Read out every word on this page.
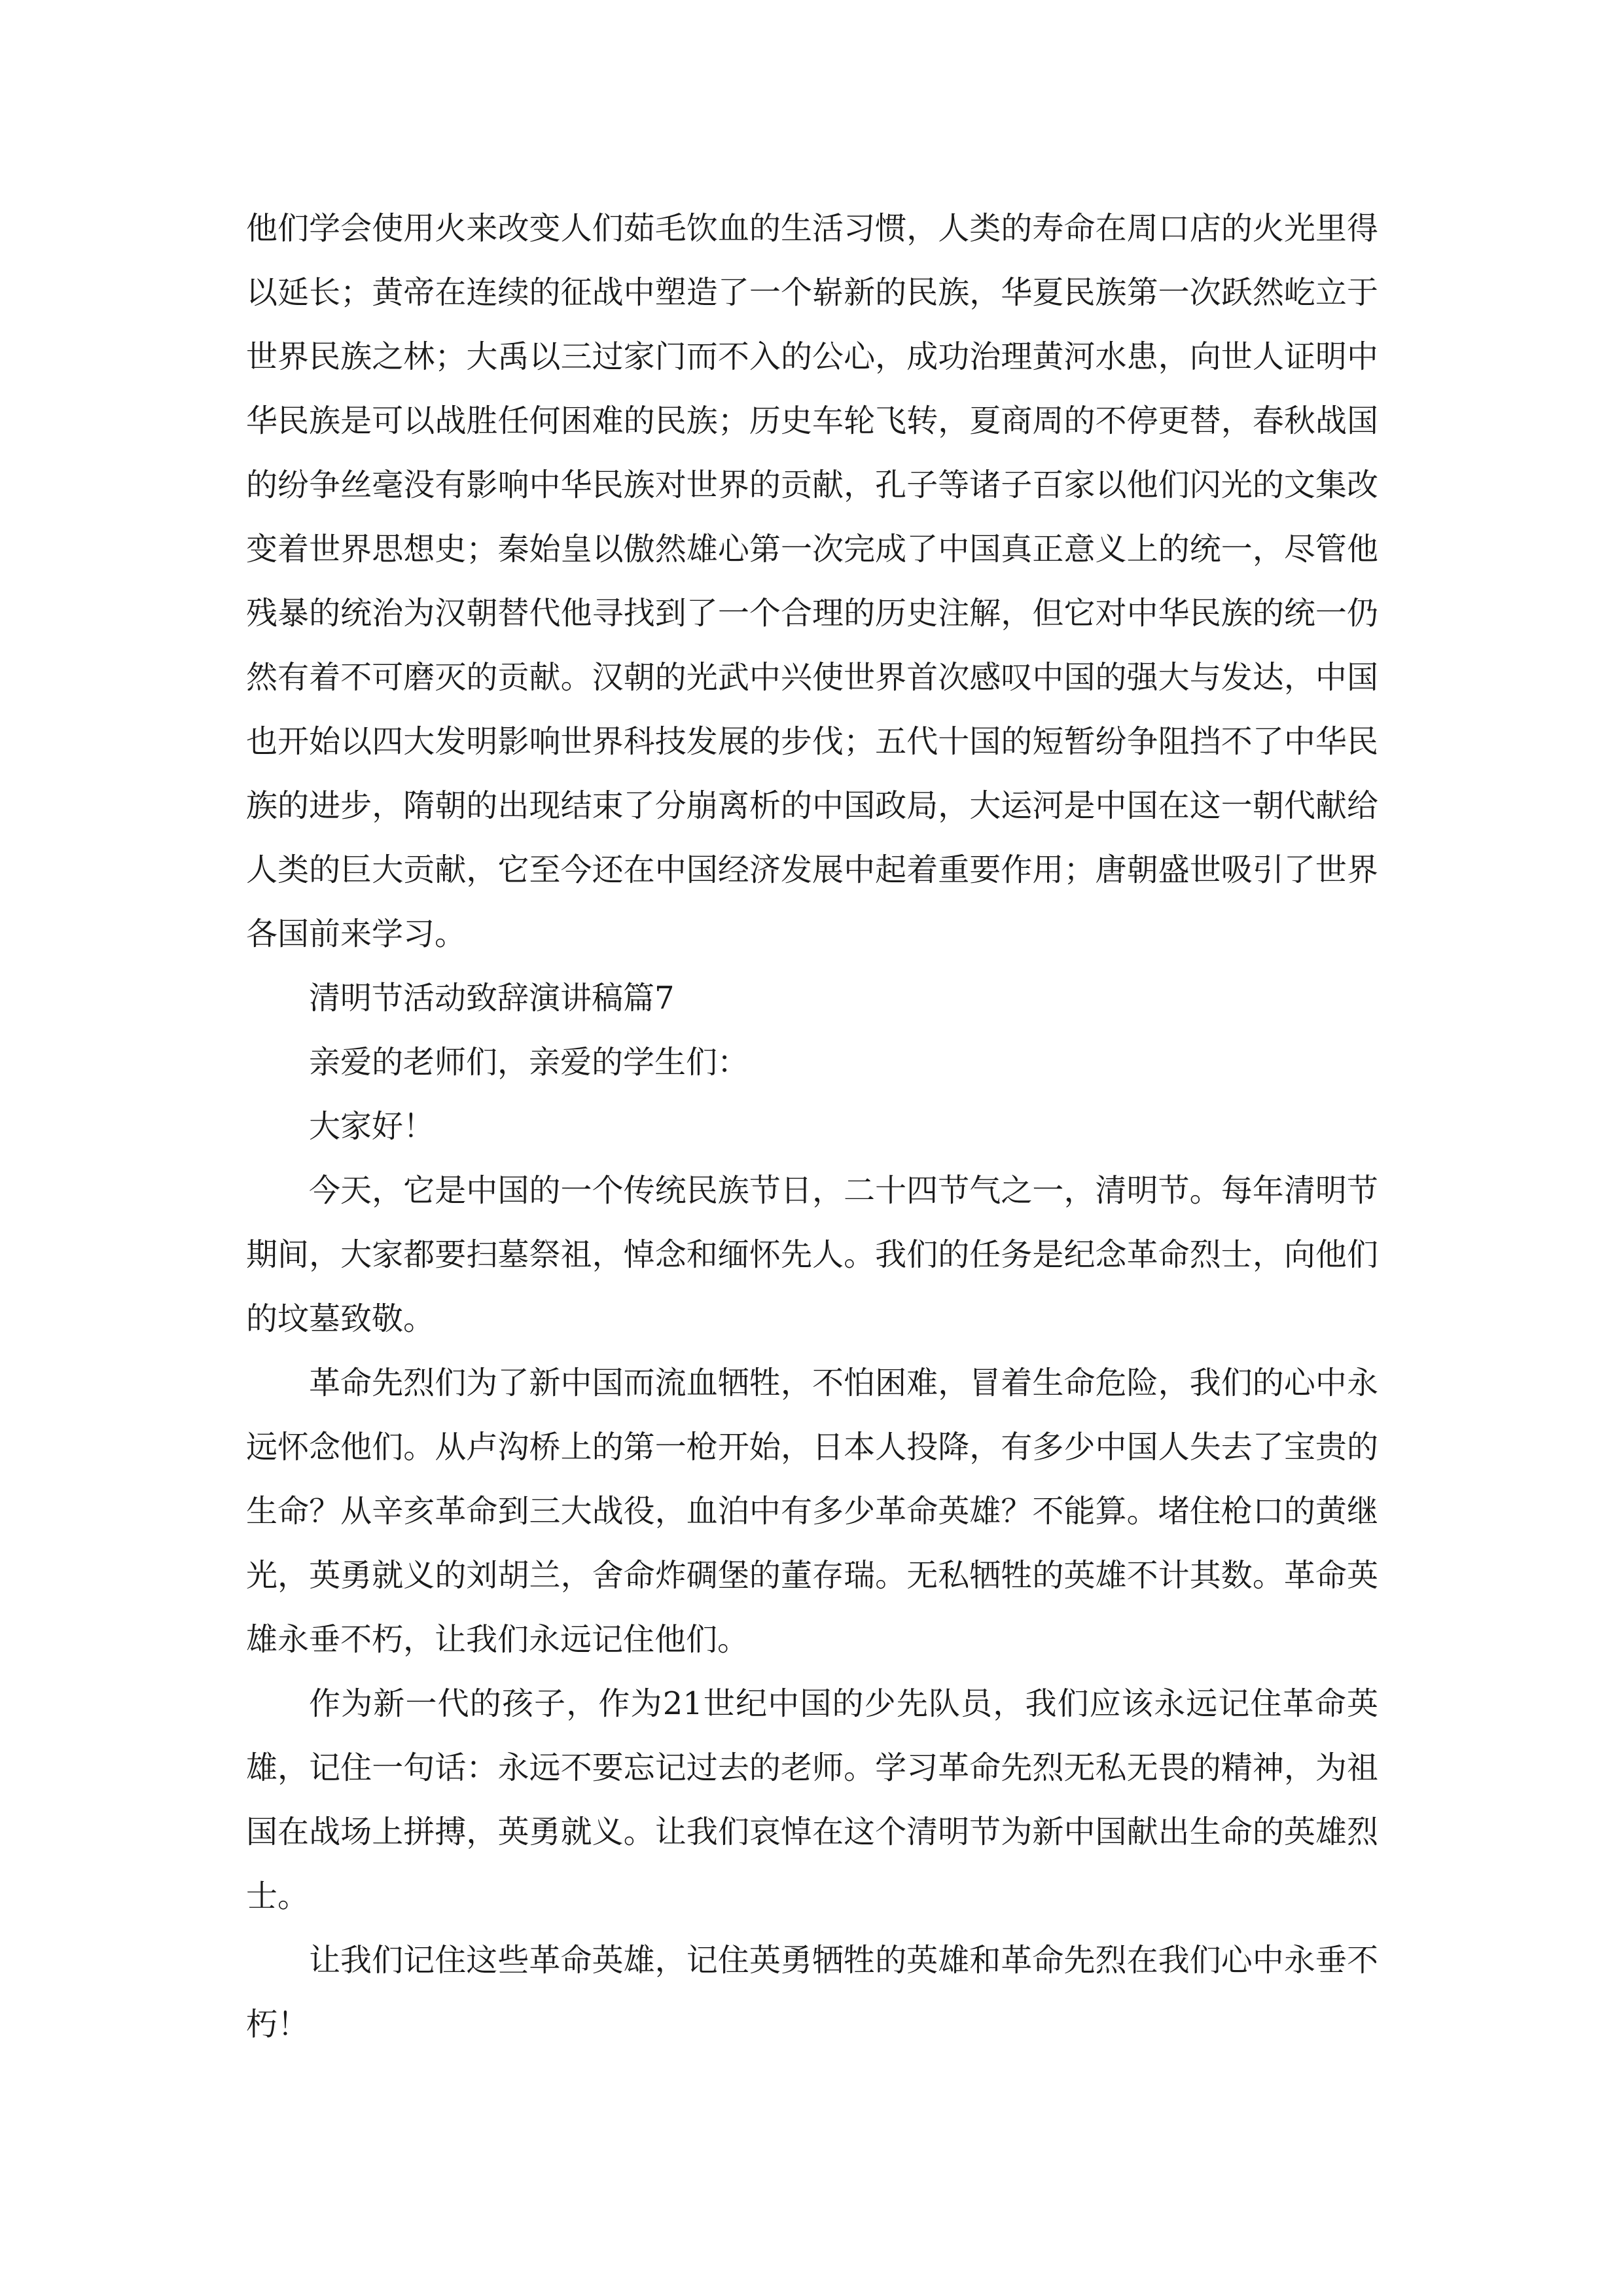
他们学会使用火来改变人们茹毛饮血的生活习惯，人类的寿命在周口店的火光里得以延长；黄帝在连续的征战中塑造了一个崭新的民族，华夏民族第一次跃然屹立于世界民族之林；大禹以三过家门而不入的公心，成功治理黄河水患，向世人证明中华民族是可以战胜任何困难的民族；历史车轮飞转，夏商周的不停更替，春秋战国的纷争丝毫没有影响中华民族对世界的贡献，孔子等诸子百家以他们闪光的文集改变着世界思想史；秦始皇以傲然雄心第一次完成了中国真正意义上的统一，尽管他残暴的统治为汉朝替代他寻找到了一个合理的历史注解，但它对中华民族的统一仍然有着不可磨灭的贡献。汉朝的光武中兴使世界首次感叹中国的强大与发达，中国也开始以四大发明影响世界科技发展的步伐；五代十国的短暂纷争阻挡不了中华民族的进步，隋朝的出现结束了分崩离析的中国政局，大运河是中国在这一朝代献给人类的巨大贡献，它至今还在中国经济发展中起着重要作用；唐朝盛世吸引了世界各国前来学习。

清明节活动致辞演讲稿篇7

亲爱的老师们，亲爱的学生们：

大家好！

今天，它是中国的一个传统民族节日，二十四节气之一，清明节。每年清明节期间，大家都要扫墓祭祖，悼念和缅怀先人。我们的任务是纪念革命烈士，向他们的坟墓致敬。

革命先烈们为了新中国而流血牺牲，不怕困难，冒着生命危险，我们的心中永远怀念他们。从卢沟桥上的第一枪开始，日本人投降，有多少中国人失去了宝贵的生命？从辛亥革命到三大战役，血泊中有多少革命英雄？不能算。堵住枪口的黄继光，英勇就义的刘胡兰，舍命炸碉堡的董存瑞。无私牺牲的英雄不计其数。革命英雄永垂不朽，让我们永远记住他们。

作为新一代的孩子，作为21世纪中国的少先队员，我们应该永远记住革命英雄，记住一句话：永远不要忘记过去的老师。学习革命先烈无私无畏的精神，为祖国在战场上拼搏，英勇就义。让我们哀悼在这个清明节为新中国献出生命的英雄烈士。

让我们记住这些革命英雄，记住英勇牺牲的英雄和革命先烈在我们心中永垂不朽！
